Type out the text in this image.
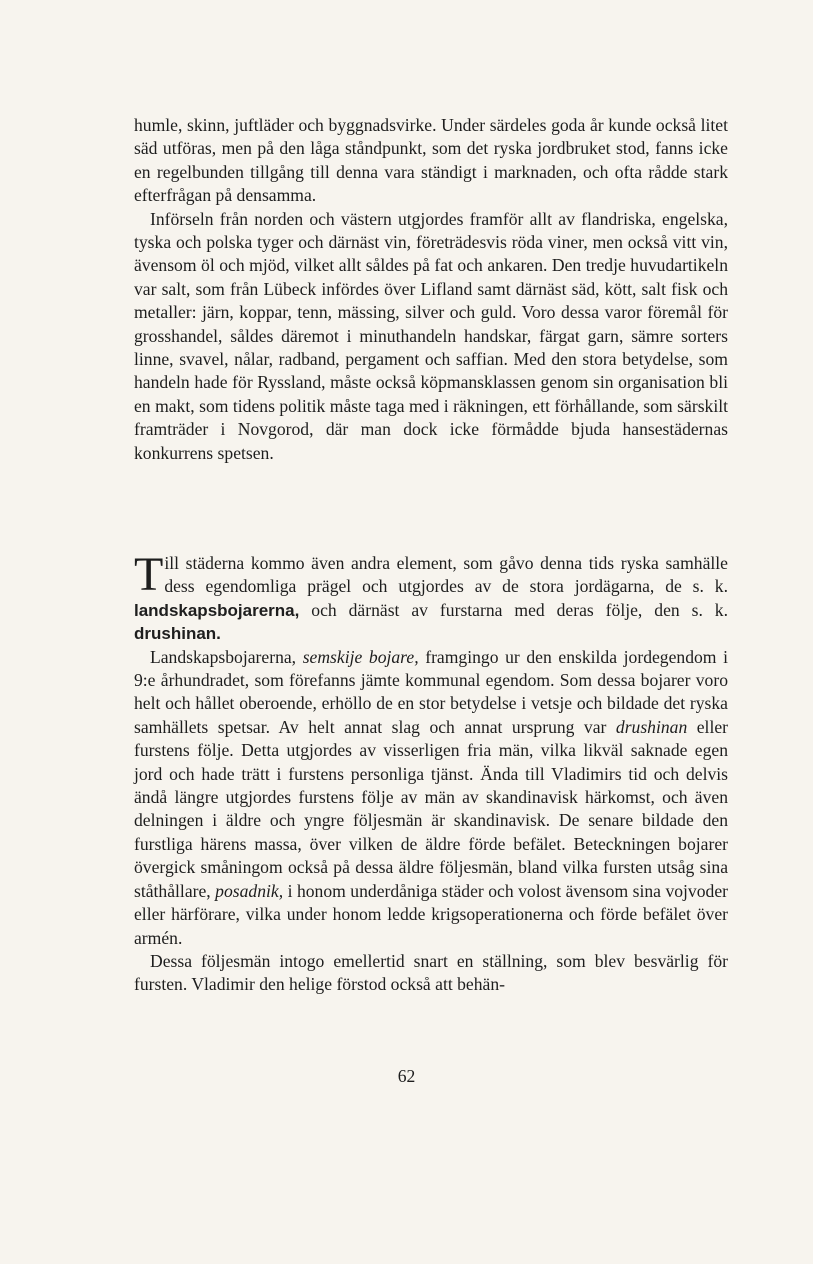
humle, skinn, juftläder och byggnadsvirke. Under särdeles goda år kunde också litet säd utföras, men på den låga ståndpunkt, som det ryska jordbruket stod, fanns icke en regelbunden tillgång till denna vara ständigt i marknaden, och ofta rådde stark efterfrågan på densamma.

Införseln från norden och västern utgjordes framför allt av flandriska, engelska, tyska och polska tyger och därnäst vin, företrädesvis röda viner, men också vitt vin, ävensom öl och mjöd, vilket allt såldes på fat och ankaren. Den tredje huvudartikeln var salt, som från Lübeck infördes över Lifland samt därnäst säd, kött, salt fisk och metaller: järn, koppar, tenn, mässing, silver och guld. Voro dessa varor föremål för grosshandel, såldes däremot i minuthandeln handskar, färgat garn, sämre sorters linne, svavel, nålar, radband, pergament och saffian. Med den stora betydelse, som handeln hade för Ryssland, måste också köpmansklassen genom sin organisation bli en makt, som tidens politik måste taga med i räkningen, ett förhållande, som särskilt framträder i Novgorod, där man dock icke förmådde bjuda hansestädernas konkurrens spetsen.

Till städerna kommo även andra element, som gåvo denna tids ryska samhälle dess egendomliga prägel och utgjordes av de stora jordägarna, de s. k. landskapsbojarerna, och därnäst av furstarna med deras följe, den s. k. drushinan.

Landskapsbojarerna, semskije bojare, framgingo ur den enskilda jordegendom i 9:e århundradet, som förefanns jämte kommunal egendom. Som dessa bojarer voro helt och hållet oberoende, erhöllo de en stor betydelse i vetsje och bildade det ryska samhällets spetsar. Av helt annat slag och annat ursprung var drushinan eller furstens följe. Detta utgjordes av visserligen fria män, vilka likväl saknade egen jord och hade trätt i furstens personliga tjänst. Ända till Vladimirs tid och delvis ändå längre utgjordes furstens följe av män av skandinavisk härkomst, och även delningen i äldre och yngre följesmän är skandinavisk. De senare bildade den furstliga härens massa, över vilken de äldre förde befälet. Beteckningen bojarer övergick småningom också på dessa äldre följesmän, bland vilka fursten utsåg sina ståthållare, posadnik, i honom underdåniga städer och volost ävensom sina vojvoder eller härförare, vilka under honom ledde krigsoperationerna och förde befälet över armén.

Dessa följesmän intogo emellertid snart en ställning, som blev besvärlig för fursten. Vladimir den helige förstod också att behän-

62
